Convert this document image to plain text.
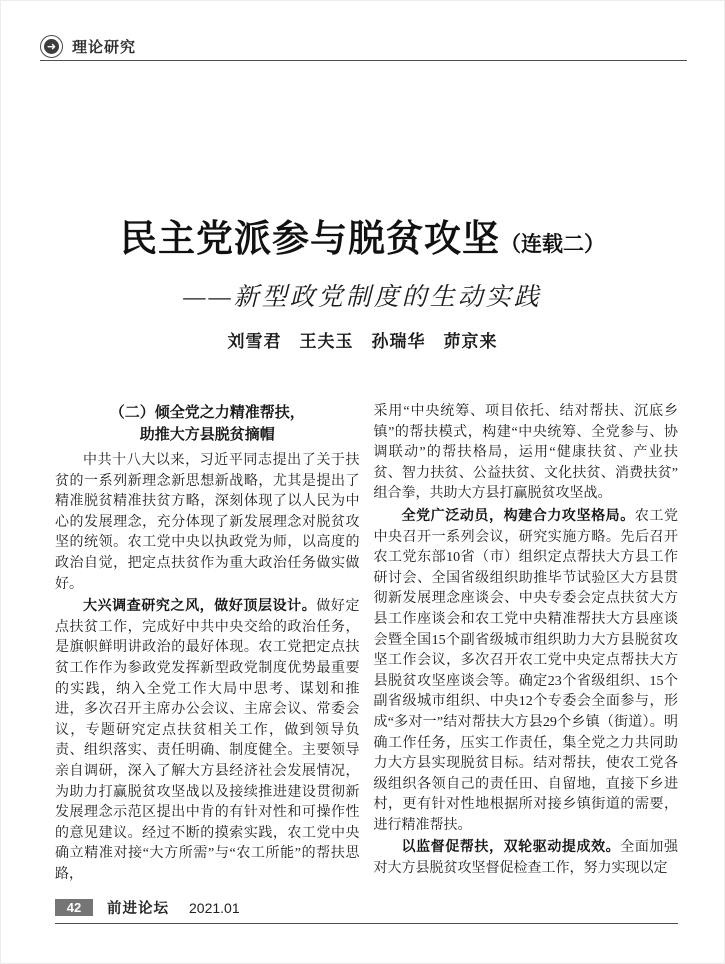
➜ 理论研究
民主党派参与脱贫攻坚（连载二）
——新型政党制度的生动实践
刘雪君　王夫玉　孙瑞华　茆京来

（二）倾全党之力精准帮扶，
助推大方县脱贫摘帽

中共十八大以来，习近平同志提出了关于扶贫的一系列新理念新思想新战略，尤其是提出了精准脱贫精准扶贫方略，深刻体现了以人民为中心的发展理念，充分体现了新发展理念对脱贫攻坚的统领。农工党中央以执政党为师，以高度的政治自觉，把定点扶贫作为重大政治任务做实做好。

大兴调查研究之风，做好顶层设计。做好定点扶贫工作，完成好中共中央交给的政治任务，是旗帜鲜明讲政治的最好体现。农工党把定点扶贫工作作为参政党发挥新型政党制度优势最重要的实践，纳入全党工作大局中思考、谋划和推进，多次召开主席办公会议、主席会议、常委会议，专题研究定点扶贫相关工作，做到领导负责、组织落实、责任明确、制度健全。主要领导亲自调研，深入了解大方县经济社会发展情况，为助力打赢脱贫攻坚战以及接续推进建设贯彻新发展理念示范区提出中肯的有针对性和可操作性的意见建议。经过不断的摸索实践，农工党中央确立精准对接“大方所需”与“农工所能”的帮扶思路，

采用“中央统筹、项目依托、结对帮扶、沉底乡镇”的帮扶模式，构建“中央统筹、全党参与、协调联动”的帮扶格局，运用“健康扶贫、产业扶贫、智力扶贫、公益扶贫、文化扶贫、消费扶贫”组合拳，共助大方县打赢脱贫攻坚战。

全党广泛动员，构建合力攻坚格局。农工党中央召开一系列会议，研究实施方略。先后召开农工党东部10省（市）组织定点帮扶大方县工作研讨会、全国省级组织助推毕节试验区大方县贯彻新发展理念座谈会、中央专委会定点扶贫大方县工作座谈会和农工党中央精准帮扶大方县座谈会暨全国15个副省级城市组织助力大方县脱贫攻坚工作会议，多次召开农工党中央定点帮扶大方县脱贫攻坚座谈会等。确定23个省级组织、15个副省级城市组织、中央12个专委会全面参与，形成“多对一”结对帮扶大方县29个乡镇（街道）。明确工作任务，压实工作责任，集全党之力共同助力大方县实现脱贫目标。结对帮扶，使农工党各级组织各领自己的责任田、自留地，直接下乡进村，更有针对性地根据所对接乡镇街道的需要，进行精准帮扶。

以监督促帮扶，双轮驱动提成效。全面加强对大方县脱贫攻坚督促检查工作，努力实现以定

42	前进论坛 2021.01
